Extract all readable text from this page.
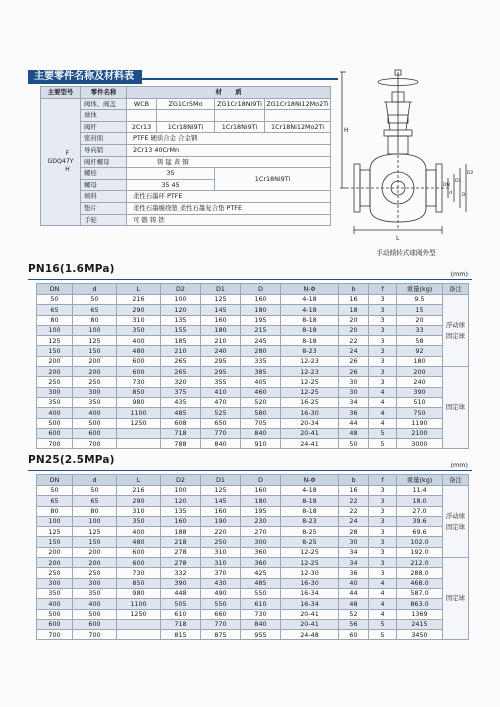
主要零件名称及材料表
主要型号	零件名称	材 质			

F
GDQ47Y
H	阀体、阀盖	WCB	ZG1Cr5Mo	ZG1Cr18Ni9Ti	ZG1Cr18Ni12Mo2Ti
	球体				
	阀杆	2Cr13	1Cr18Ni9Ti	1Cr18Ni9Ti	1Cr18Ni12Mo2Ti
	密封面	PTFE 硬质合金 合金钢			
	导向销	2Cr13 40CrMn			
	阀杆螺母	铸 锰 黄 铜			
	螺栓	35		1Cr18Ni9Ti	
	螺母	35 45			
	填料	柔性石墨环 PTFE			
	垫片	柔性石墨缠绕垫 柔性石墨复合垫 PTFE			
	手轮	可 锻 铸 铁			
H
L
DN
d
D1
D
D2
手动倾转式球阀外型
PN16(1.6MPa)	(mm)
DN	d	L	D2	D1	D	N-Φ	b	f	重量(kg)	备注
50	50	216	100	125	160	4-18	16	3	9.5	浮动球
固定球

65	65	290	120	145	180	4-18	18	3	15	
80	80	310	135	160	195	8-18	20	3	20	
100	100	350	155	180	215	8-18	20	3	33	
125	125	400	185	210	245	8-18	22	3	58	
150	150	480	210	240	280	8-23	24	3	92	
200	200	600	265	295	335	12-23	26	3	180	
200	200	600	265	295	385	12-23	26	3	200	固定球

250	250	730	320	355	405	12-25	30	3	240	
300	300	850	375	410	460	12-25	30	4	390	
350	350	980	435	470	520	16-25	34	4	510	
400	400	1100	485	525	580	16-30	36	4	750	
500	500	1250	608	650	705	20-34	44	4	1190	
600	600		718	770	840	20-41	48	5	2100	
700	700		788	840	910	24-41	50	5	3000	
PN25(2.5MPa)	(mm)
DN	d	L	D2	D1	D	N-Φ	b	f	重量(kg)	备注
50	50	216	100	125	160	4-18	16	3	11.4	浮动球
固定球

65	65	290	120	145	180	8-18	22	3	18.0	
80	80	310	135	160	195	8-18	22	3	27.0	
100	100	350	160	190	230	8-23	24	3	39.6	
125	125	400	188	220	270	8-25	28	3	69.6	
150	150	480	218	250	300	8-25	30	3	102.0	
200	200	600	278	310	360	12-25	34	3	192.0	
200	200	600	278	310	360	12-25	34	3	212.0	固定球

250	250	730	332	370	425	12-30	36	3	288.0	
300	300	850	390	430	485	16-30	40	4	468.0	
350	350	980	448	490	550	16-34	44	4	587.0	
400	400	1100	505	550	610	16-34	48	4	863.0	
500	500	1250	610	660	730	20-41	52	4	1369	
600	600		718	770	840	20-41	56	5	2415	
700	700		815	875	955	24-48	60	5	3450	
